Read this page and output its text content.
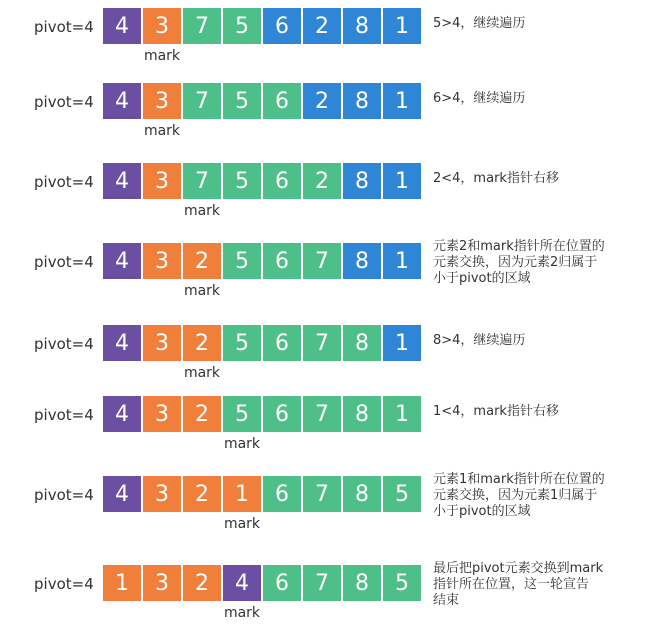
pivot=4 4	3	7	5	6	2	8	1
mark
5>4，继续遍历
pivot=4 4	3	7	5	6	2	8	1
mark
6>4，继续遍历
pivot=4 4	3	7	5	6	2	8	1
mark
2<4，mark指针右移
pivot=4 4	3	2	5	6	7	8	1
mark
元素2和mark指针所在位置的
元素交换，因为元素2归属于
小于pivot的区域
pivot=4 4	3	2	5	6	7	8	1
mark
8>4，继续遍历
pivot=4 4	3	2	5	6	7	8	1
mark
1<4，mark指针右移
pivot=4 4	3	2	1	6	7	8	5
mark
元素1和mark指针所在位置的
元素交换，因为元素1归属于
小于pivot的区域
pivot=4 1	3	2	4	6	7	8	5
mark
最后把pivot元素交换到mark
指针所在位置，这一轮宣告
结束
